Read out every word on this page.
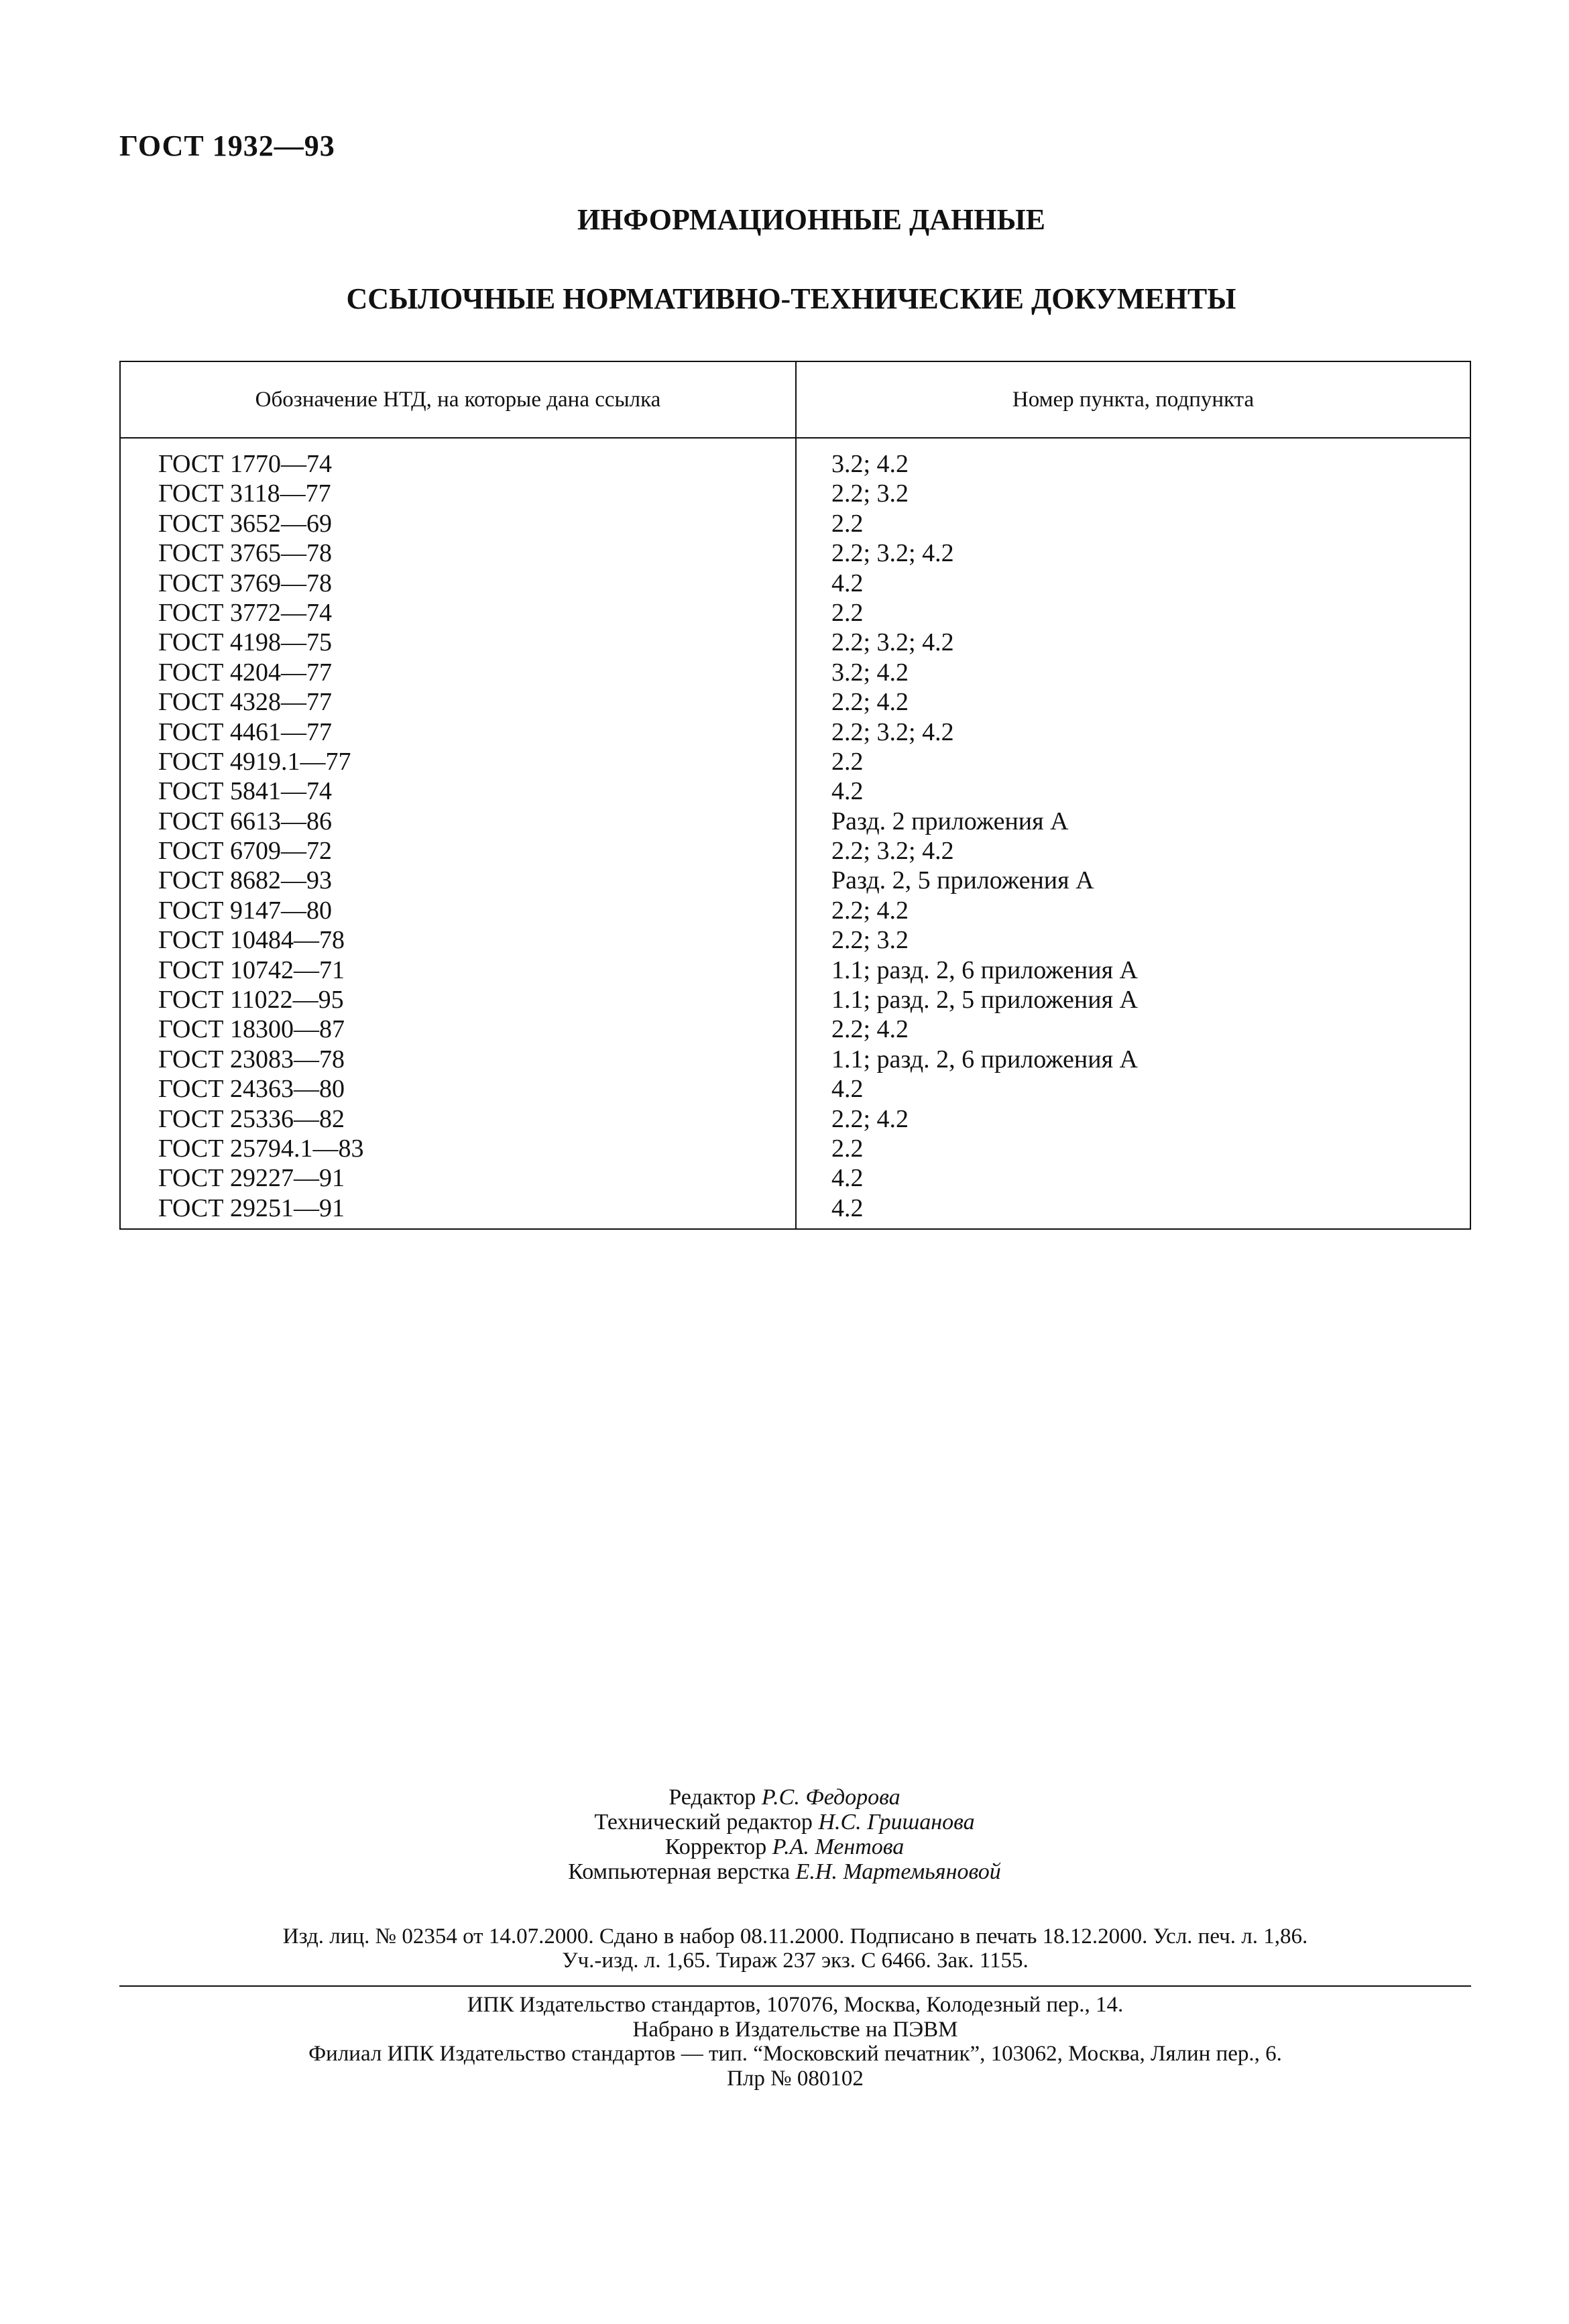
ГОСТ 1932—93
ИНФОРМАЦИОННЫЕ ДАННЫЕ
ССЫЛОЧНЫЕ НОРМАТИВНО-ТЕХНИЧЕСКИЕ ДОКУМЕНТЫ
Обозначение НТД, на которые дана ссылка	Номер пункта, подпункта
ГОСТ 1770—74
ГОСТ 3118—77
ГОСТ 3652—69
ГОСТ 3765—78
ГОСТ 3769—78
ГОСТ 3772—74
ГОСТ 4198—75
ГОСТ 4204—77
ГОСТ 4328—77
ГОСТ 4461—77
ГОСТ 4919.1—77
ГОСТ 5841—74
ГОСТ 6613—86
ГОСТ 6709—72
ГОСТ 8682—93
ГОСТ 9147—80
ГОСТ 10484—78
ГОСТ 10742—71
ГОСТ 11022—95
ГОСТ 18300—87
ГОСТ 23083—78
ГОСТ 24363—80
ГОСТ 25336—82
ГОСТ 25794.1—83
ГОСТ 29227—91
ГОСТ 29251—91
3.2; 4.2
2.2; 3.2
2.2
2.2; 3.2; 4.2
4.2
2.2
2.2; 3.2; 4.2
3.2; 4.2
2.2; 4.2
2.2; 3.2; 4.2
2.2
4.2
Разд. 2 приложения А
2.2; 3.2; 4.2
Разд. 2, 5 приложения А
2.2; 4.2
2.2; 3.2
1.1; разд. 2, 6 приложения А
1.1; разд. 2, 5 приложения А
2.2; 4.2
1.1; разд. 2, 6 приложения А
4.2
2.2; 4.2
2.2
4.2
4.2
Редактор Р.С. Федорова
Технический редактор Н.С. Гришанова
Корректор Р.А. Ментова
Компьютерная верстка Е.Н. Мартемьяновой
Изд. лиц. № 02354 от 14.07.2000. Сдано в набор 08.11.2000. Подписано в печать 18.12.2000. Усл. печ. л. 1,86.
Уч.-изд. л. 1,65. Тираж 237 экз. С 6466. Зак. 1155.
ИПК Издательство стандартов, 107076, Москва, Колодезный пер., 14.
Набрано в Издательстве на ПЭВМ
Филиал ИПК Издательство стандартов — тип. “Московский печатник”, 103062, Москва, Лялин пер., 6.
Плр № 080102
